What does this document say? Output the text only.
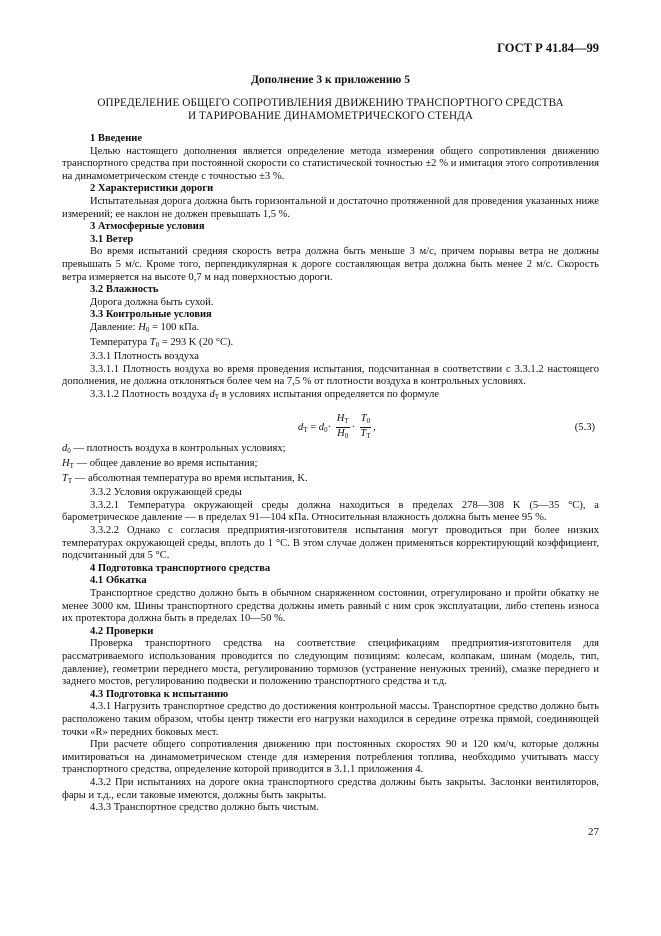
ГОСТ Р 41.84—99
Дополнение 3 к приложению 5
ОПРЕДЕЛЕНИЕ ОБЩЕГО СОПРОТИВЛЕНИЯ ДВИЖЕНИЮ ТРАНСПОРТНОГО СРЕДСТВА
И ТАРИРОВАНИЕ ДИНАМОМЕТРИЧЕСКОГО СТЕНДА
1 Введение
Целью настоящего дополнения является определение метода измерения общего сопротивления движению транспортного средства при постоянной скорости со статистической точностью ±2 % и имитация этого сопротивления на динамометрическом стенде с точностью ±3 %.
2 Характеристики дороги
Испытательная дорога должна быть горизонтальной и достаточно протяженной для проведения указанных ниже измерений; ее наклон не должен превышать 1,5 %.
3 Атмосферные условия
3.1 Ветер
Во время испытаний средняя скорость ветра должна быть меньше 3 м/с, причем порывы ветра не должны превышать 5 м/с. Кроме того, перпендикулярная к дороге составляющая ветра должна быть менее 2 м/с. Скорость ветра измеряется на высоте 0,7 м над поверхностью дороги.
3.2 Влажность
Дорога должна быть сухой.
3.3 Контрольные условия
Давление: $H_0 = 100$ кПа.
Температура $T_0 = 293$ K (20 °C).
3.3.1 Плотность воздуха
3.3.1.1 Плотность воздуха во время проведения испытания, подсчитанная в соответствии с 3.3.1.2 настоящего дополнения, не должна отклоняться более чем на 7,5 % от плотности воздуха в контрольных условиях.
3.3.1.2 Плотность воздуха $d_T$ в условиях испытания определяется по формуле
$d_T = d_0\cdot \frac{H_T}{H_0} \cdot \frac{T_0}{T_T}$ ,	(5.3)
$d_0$ — плотность воздуха в контрольных условиях;
$H_T$ — общее давление во время испытания;
$T_T$ — абсолютная температура во время испытания, K.
3.3.2 Условия окружающей среды
3.3.2.1 Температура окружающей среды должна находиться в пределах 278—308 K (5—35 °C), а барометрическое давление — в пределах 91—104 кПа. Относительная влажность должна быть менее 95 %.
3.3.2.2 Однако с согласия предприятия-изготовителя испытания могут проводиться при более низких температурах окружающей среды, вплоть до 1 °C. В этом случае должен применяться корректирующий коэффициент, подсчитанный для 5 °C.
4 Подготовка транспортного средства
4.1 Обкатка
Транспортное средство должно быть в обычном снаряженном состоянии, отрегулировано и пройти обкатку не менее 3000 км. Шины транспортного средства должны иметь равный с ним срок эксплуатации, либо степень износа их протектора должна быть в пределах 10—50 %.
4.2 Проверки
Проверка транспортного средства на соответствие спецификациям предприятия-изготовителя для рассматриваемого использования проводится по следующим позициям: колесам, колпакам, шинам (модель, тип, давление), геометрии переднего моста, регулированию тормозов (устранение ненужных трений), смазке переднего и заднего мостов, регулированию подвески и положению транспортного средства и т.д.
4.3 Подготовка к испытанию
4.3.1 Нагрузить транспортное средство до достижения контрольной массы. Транспортное средство должно быть расположено таким образом, чтобы центр тяжести его нагрузки находился в середине отрезка прямой, соединяющей точки «R» передних боковых мест.
При расчете общего сопротивления движению при постоянных скоростях 90 и 120 км/ч, которые должны имитироваться на динамометрическом стенде для измерения потребления топлива, необходимо учитывать массу транспортного средства, определение которой приводится в 3.1.1 приложения 4.
4.3.2 При испытаниях на дороге окна транспортного средства должны быть закрыты. Заслонки вентиляторов, фары и т.д., если таковые имеются, должны быть закрыты.
4.3.3 Транспортное средство должно быть чистым.
27
